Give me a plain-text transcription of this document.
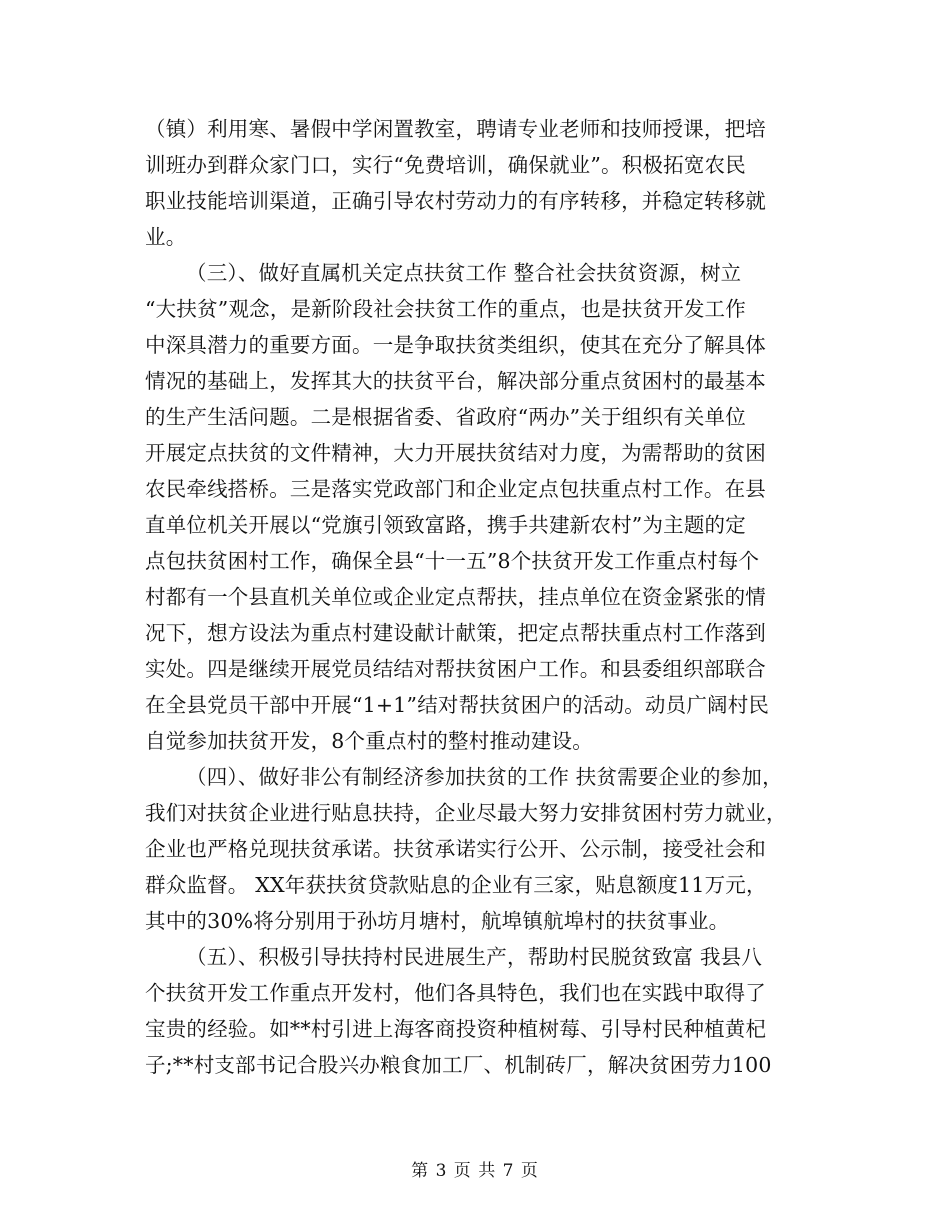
（镇）利用寒、暑假中学闲置教室，聘请专业老师和技师授课，把培
训班办到群众家门口，实行“免费培训，确保就业”。积极拓宽农民
职业技能培训渠道，正确引导农村劳动力的有序转移，并稳定转移就
业。
（三）、做好直属机关定点扶贫工作 整合社会扶贫资源，树立
“大扶贫”观念，是新阶段社会扶贫工作的重点，也是扶贫开发工作
中深具潜力的重要方面。一是争取扶贫类组织，使其在充分了解具体
情况的基础上，发挥其大的扶贫平台，解决部分重点贫困村的最基本
的生产生活问题。二是根据省委、省政府“两办”关于组织有关单位
开展定点扶贫的文件精神，大力开展扶贫结对力度，为需帮助的贫困
农民牵线搭桥。三是落实党政部门和企业定点包扶重点村工作。在县
直单位机关开展以“党旗引领致富路，携手共建新农村”为主题的定
点包扶贫困村工作，确保全县“十一五”8个扶贫开发工作重点村每个
村都有一个县直机关单位或企业定点帮扶，挂点单位在资金紧张的情
况下，想方设法为重点村建设献计献策，把定点帮扶重点村工作落到
实处。四是继续开展党员结结对帮扶贫困户工作。和县委组织部联合
在全县党员干部中开展“1+1”结对帮扶贫困户的活动。动员广阔村民
自觉参加扶贫开发，8个重点村的整村推动建设。
（四）、做好非公有制经济参加扶贫的工作 扶贫需要企业的参加，
我们对扶贫企业进行贴息扶持，企业尽最大努力安排贫困村劳力就业，
企业也严格兑现扶贫承诺。扶贫承诺实行公开、公示制，接受社会和
群众监督。 XX年获扶贫贷款贴息的企业有三家，贴息额度11万元，
其中的30%将分别用于孙坊月塘村，航埠镇航埠村的扶贫事业。
（五）、积极引导扶持村民进展生产，帮助村民脱贫致富 我县八
个扶贫开发工作重点开发村，他们各具特色，我们也在实践中取得了
宝贵的经验。如**村引进上海客商投资种植树莓、引导村民种植黄杞
子;**村支部书记合股兴办粮食加工厂、机制砖厂，解决贫困劳力100
第 3 页 共 7 页
